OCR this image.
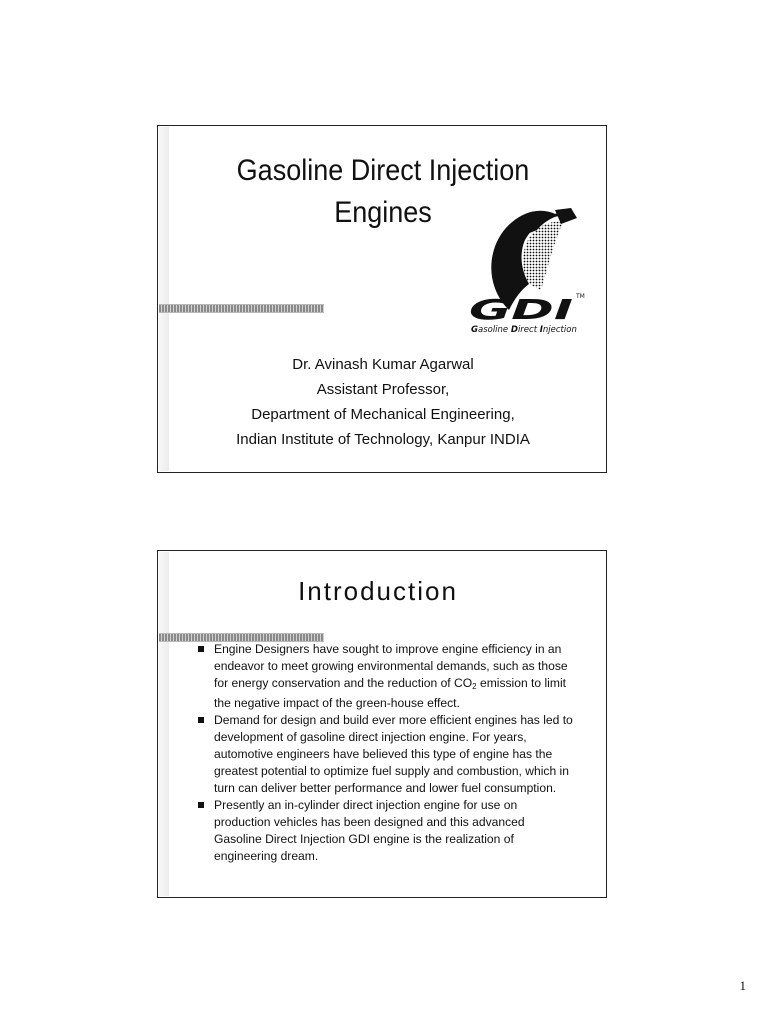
Gasoline Direct Injection
Engines
GDI TM
Gasoline Direct Injection
Dr. Avinash Kumar Agarwal
Assistant Professor,
Department of Mechanical Engineering,
Indian Institute of Technology, Kanpur INDIA
Introduction
Engine Designers have sought to improve engine efficiency in an endeavor to meet growing environmental demands, such as those for energy conservation and the reduction of $CO_2$ emission to limit the negative impact of the green-house effect.
Demand for design and build ever more efficient engines has led to development of gasoline direct injection engine. For years, automotive engineers have believed this type of engine has the greatest potential to optimize fuel supply and combustion, which in turn can deliver better performance and lower fuel consumption.
Presently an in-cylinder direct injection engine for use on production vehicles has been designed and this advanced Gasoline Direct Injection GDI engine is the realization of engineering dream.
1
